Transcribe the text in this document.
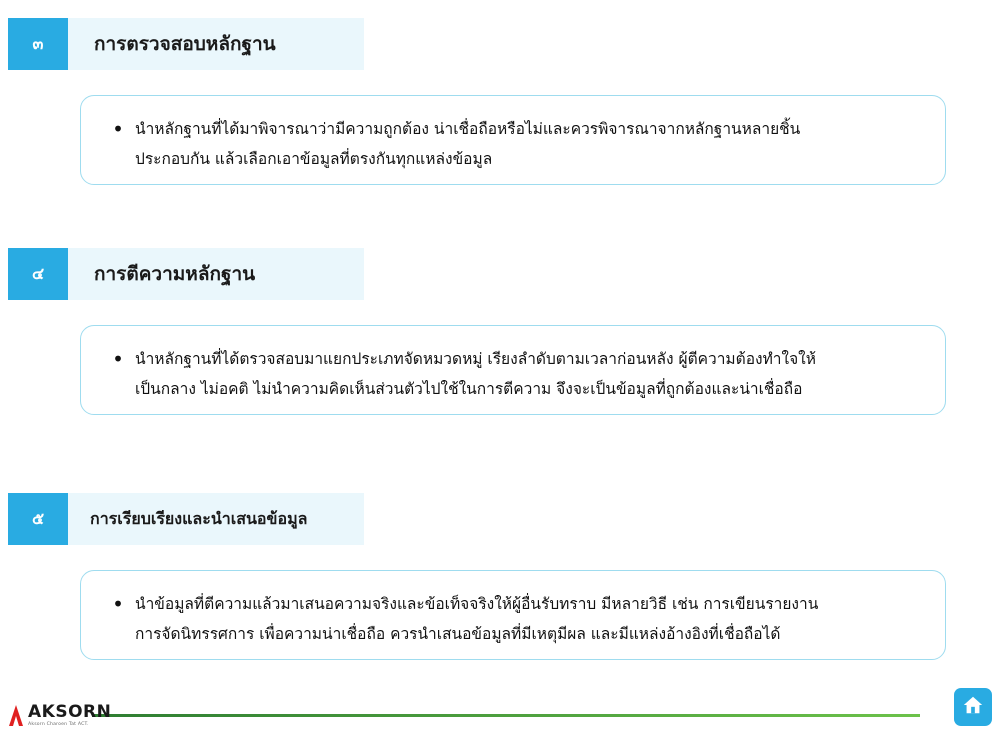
๓	การตรวจสอบหลักฐาน
• นำหลักฐานที่ได้มาพิจารณาว่ามีความถูกต้อง น่าเชื่อถือหรือไม่และควรพิจารณาจากหลักฐานหลายชิ้น
ประกอบกัน แล้วเลือกเอาข้อมูลที่ตรงกันทุกแหล่งข้อมูล
๔	การตีความหลักฐาน
• นำหลักฐานที่ได้ตรวจสอบมาแยกประเภทจัดหมวดหมู่ เรียงลำดับตามเวลาก่อนหลัง ผู้ตีความต้องทำใจให้
เป็นกลาง ไม่อคติ ไม่นำความคิดเห็นส่วนตัวไปใช้ในการตีความ จึงจะเป็นข้อมูลที่ถูกต้องและน่าเชื่อถือ
๕	การเรียบเรียงและนำเสนอข้อมูล
• นำข้อมูลที่ตีความแล้วมาเสนอความจริงและข้อเท็จจริงให้ผู้อื่นรับทราบ มีหลายวิธี เช่น การเขียนรายงาน
การจัดนิทรรศการ เพื่อความน่าเชื่อถือ ควรนำเสนอข้อมูลที่มีเหตุมีผล และมีแหล่งอ้างอิงที่เชื่อถือได้
AKSORN
Aksorn Charoen Tat ACT.
